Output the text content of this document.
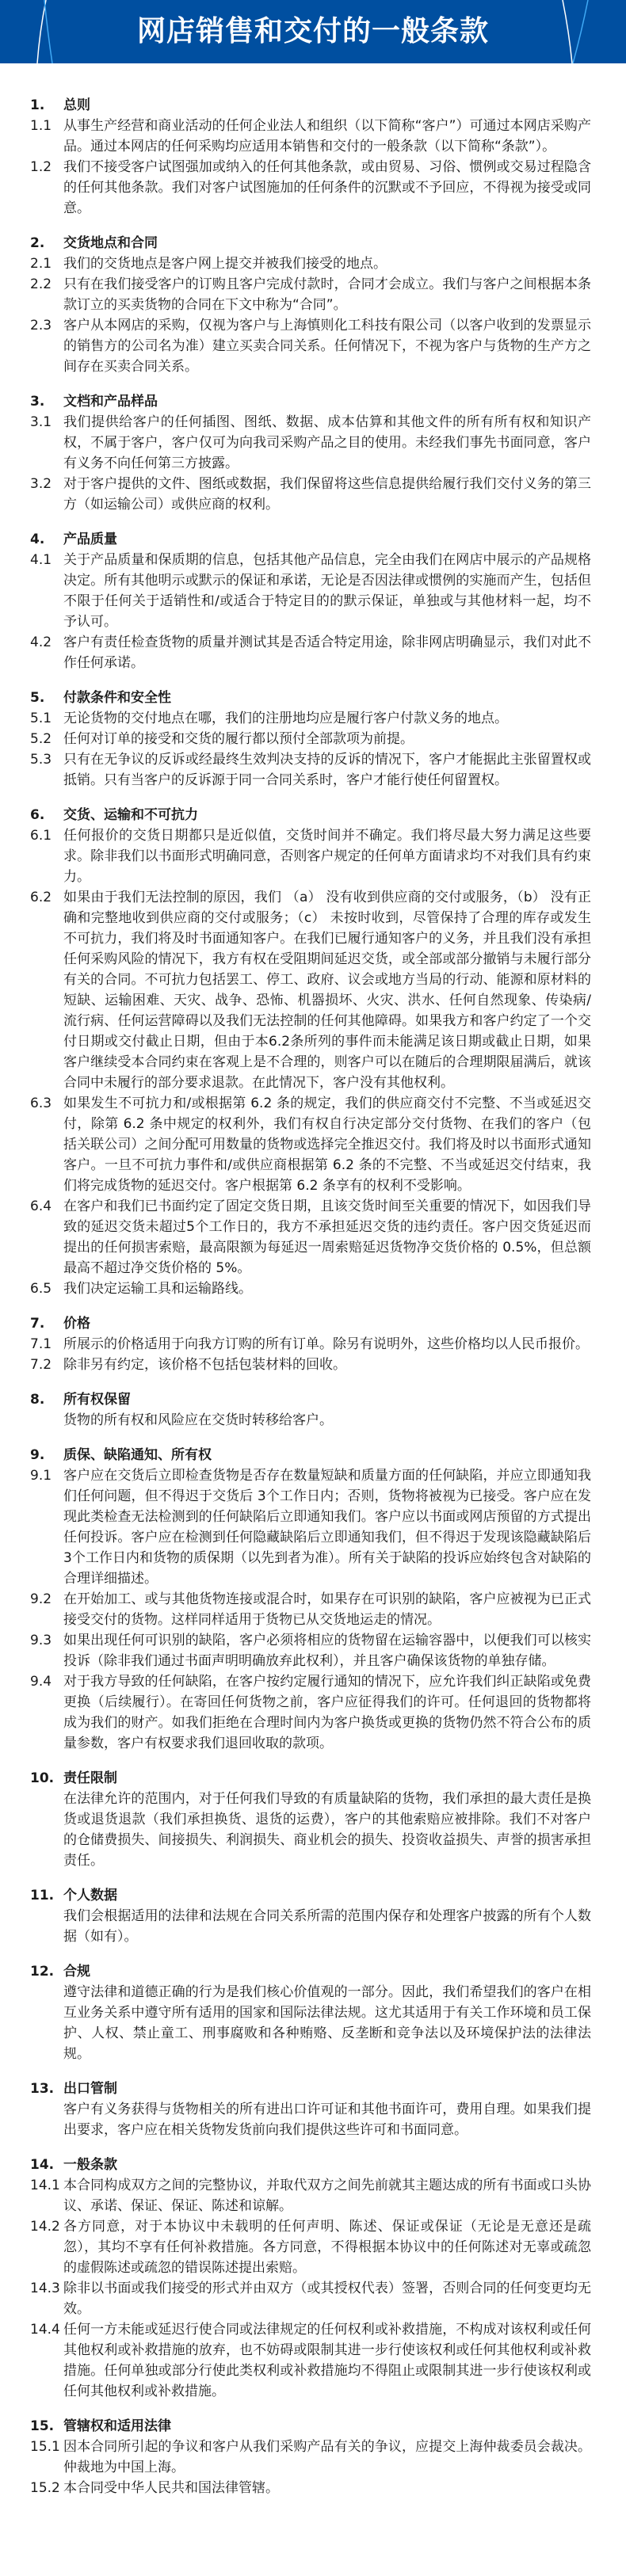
网店销售和交付的一般条款
1.	总则
1.1 从事生产经营和商业活动的任何企业法人和组织（以下简称“客户”）可通过本网店采购产品。通过本网店的任何采购均应适用本销售和交付的一般条款（以下简称“条款”）。
1.2 我们不接受客户试图强加或纳入的任何其他条款，或由贸易、习俗、惯例或交易过程隐含的任何其他条款。我们对客户试图施加的任何条件的沉默或不予回应，不得视为接受或同意。
2.	交货地点和合同
2.1 我们的交货地点是客户网上提交并被我们接受的地点。
2.2 只有在我们接受客户的订购且客户完成付款时，合同才会成立。我们与客户之间根据本条款订立的买卖货物的合同在下文中称为“合同”。
2.3 客户从本网店的采购，仅视为客户与上海慎则化工科技有限公司（以客户收到的发票显示的销售方的公司名为准）建立买卖合同关系。任何情况下，不视为客户与货物的生产方之间存在买卖合同关系。
3.	文档和产品样品
3.1 我们提供给客户的任何插图、图纸、数据、成本估算和其他文件的所有所有权和知识产权，不属于客户，客户仅可为向我司采购产品之目的使用。未经我们事先书面同意，客户有义务不向任何第三方披露。
3.2 对于客户提供的文件、图纸或数据，我们保留将这些信息提供给履行我们交付义务的第三方（如运输公司）或供应商的权利。
4.	产品质量
4.1 关于产品质量和保质期的信息，包括其他产品信息，完全由我们在网店中展示的产品规格决定。所有其他明示或默示的保证和承诺，无论是否因法律或惯例的实施而产生，包括但不限于任何关于适销性和/或适合于特定目的的默示保证，单独或与其他材料一起，均不予认可。
4.2 客户有责任检查货物的质量并测试其是否适合特定用途，除非网店明确显示，我们对此不作任何承诺。
5.	付款条件和安全性
5.1 无论货物的交付地点在哪，我们的注册地均应是履行客户付款义务的地点。
5.2 任何对订单的接受和交货的履行都以预付全部款项为前提。
5.3 只有在无争议的反诉或经最终生效判决支持的反诉的情况下，客户才能据此主张留置权或抵销。只有当客户的反诉源于同一合同关系时，客户才能行使任何留置权。
6.	交货、运输和不可抗力
6.1 任何报价的交货日期都只是近似值，交货时间并不确定。我们将尽最大努力满足这些要求。除非我们以书面形式明确同意，否则客户规定的任何单方面请求均不对我们具有约束力。
6.2 如果由于我们无法控制的原因，我们 （a） 没有收到供应商的交付或服务，（b） 没有正确和完整地收到供应商的交付或服务；（c） 未按时收到，尽管保持了合理的库存或发生不可抗力，我们将及时书面通知客户。在我们已履行通知客户的义务，并且我们没有承担任何采购风险的情况下，我方有权在受阻期间延迟交货，或全部或部分撤销与未履行部分有关的合同。不可抗力包括罢工、停工、政府、议会或地方当局的行动、能源和原材料的短缺、运输困难、天灾、战争、恐怖、机器损坏、火灾、洪水、任何自然现象、传染病/流行病、任何运营障碍以及我们无法控制的任何其他障碍。如果我方和客户约定了一个交付日期或交付截止日期，但由于本6.2条所列的事件而未能满足该日期或截止日期，如果客户继续受本合同约束在客观上是不合理的，则客户可以在随后的合理期限届满后，就该合同中未履行的部分要求退款。在此情况下，客户没有其他权利。
6.3 如果发生不可抗力和/或根据第 6.2 条的规定，我们的供应商交付不完整、不当或延迟交付，除第 6.2 条中规定的权利外，我们有权自行决定部分交付货物、在我们的客户（包括关联公司）之间分配可用数量的货物或选择完全推迟交付。我们将及时以书面形式通知客户。一旦不可抗力事件和/或供应商根据第 6.2 条的不完整、不当或延迟交付结束，我们将完成货物的延迟交付。客户根据第 6.2 条享有的权利不受影响。
6.4 在客户和我们已书面约定了固定交货日期，且该交货时间至关重要的情况下，如因我们导致的延迟交货未超过5个工作日的，我方不承担延迟交货的违约责任。客户因交货延迟而提出的任何损害索赔，最高限额为每延迟一周索赔延迟货物净交货价格的 0.5%，但总额最高不超过净交货价格的 5%。
6.5 我们决定运输工具和运输路线。
7.	价格
7.1 所展示的价格适用于向我方订购的所有订单。除另有说明外，这些价格均以人民币报价。
7.2 除非另有约定，该价格不包括包装材料的回收。
8.	所有权保留
货物的所有权和风险应在交货时转移给客户。
9.	质保、缺陷通知、所有权
9.1 客户应在交货后立即检查货物是否存在数量短缺和质量方面的任何缺陷，并应立即通知我们任何问题，但不得迟于交货后 3个工作日内；否则，货物将被视为已接受。客户应在发现此类检查无法检测到的任何缺陷后立即通知我们。客户应以书面或网店预留的方式提出任何投诉。客户应在检测到任何隐藏缺陷后立即通知我们，但不得迟于发现该隐藏缺陷后3个工作日内和货物的质保期（以先到者为准）。所有关于缺陷的投诉应始终包含对缺陷的合理详细描述。
9.2 在开始加工、或与其他货物连接或混合时，如果存在可识别的缺陷，客户应被视为已正式接受交付的货物。这样同样适用于货物已从交货地运走的情况。
9.3 如果出现任何可识别的缺陷，客户必须将相应的货物留在运输容器中，以便我们可以核实投诉（除非我们通过书面声明明确放弃此权利），并且客户确保该货物的单独存储。
9.4 对于我方导致的任何缺陷，在客户按约定履行通知的情况下，应允许我们纠正缺陷或免费更换（后续履行）。在寄回任何货物之前，客户应征得我们的许可。任何退回的货物都将成为我们的财产。如我们拒绝在合理时间内为客户换货或更换的货物仍然不符合公布的质量参数，客户有权要求我们退回收取的款项。
10. 责任限制
在法律允许的范围内，对于任何我们导致的有质量缺陷的货物，我们承担的最大责任是换货或退货退款（我们承担换货、退货的运费），客户的其他索赔应被排除。我们不对客户的仓储费损失、间接损失、利润损失、商业机会的损失、投资收益损失、声誉的损害承担责任。
11. 个人数据
我们会根据适用的法律和法规在合同关系所需的范围内保存和处理客户披露的所有个人数据（如有）。
12. 合规
遵守法律和道德正确的行为是我们核心价值观的一部分。因此，我们希望我们的客户在相互业务关系中遵守所有适用的国家和国际法律法规。这尤其适用于有关工作环境和员工保护、人权、禁止童工、刑事腐败和各种贿赂、反垄断和竞争法以及环境保护法的法律法规。
13. 出口管制
客户有义务获得与货物相关的所有进出口许可证和其他书面许可，费用自理。如果我们提出要求，客户应在相关货物发货前向我们提供这些许可和书面同意。
14. 一般条款
14.1 本合同构成双方之间的完整协议，并取代双方之间先前就其主题达成的所有书面或口头协议、承诺、保证、保证、陈述和谅解。
14.2 各方同意，对于本协议中未载明的任何声明、陈述、保证或保证（无论是无意还是疏忽），其均不享有任何补救措施。各方同意，不得根据本协议中的任何陈述对无辜或疏忽的虚假陈述或疏忽的错误陈述提出索赔。
14.3 除非以书面或我们接受的形式并由双方（或其授权代表）签署，否则合同的任何变更均无效。
14.4 任何一方未能或延迟行使合同或法律规定的任何权利或补救措施，不构成对该权利或任何其他权利或补救措施的放弃，也不妨碍或限制其进一步行使该权利或任何其他权利或补救措施。任何单独或部分行使此类权利或补救措施均不得阻止或限制其进一步行使该权利或任何其他权利或补救措施。
15. 管辖权和适用法律
15.1 因本合同所引起的争议和客户从我们采购产品有关的争议，应提交上海仲裁委员会裁决。仲裁地为中国上海。
15.2 本合同受中华人民共和国法律管辖。
